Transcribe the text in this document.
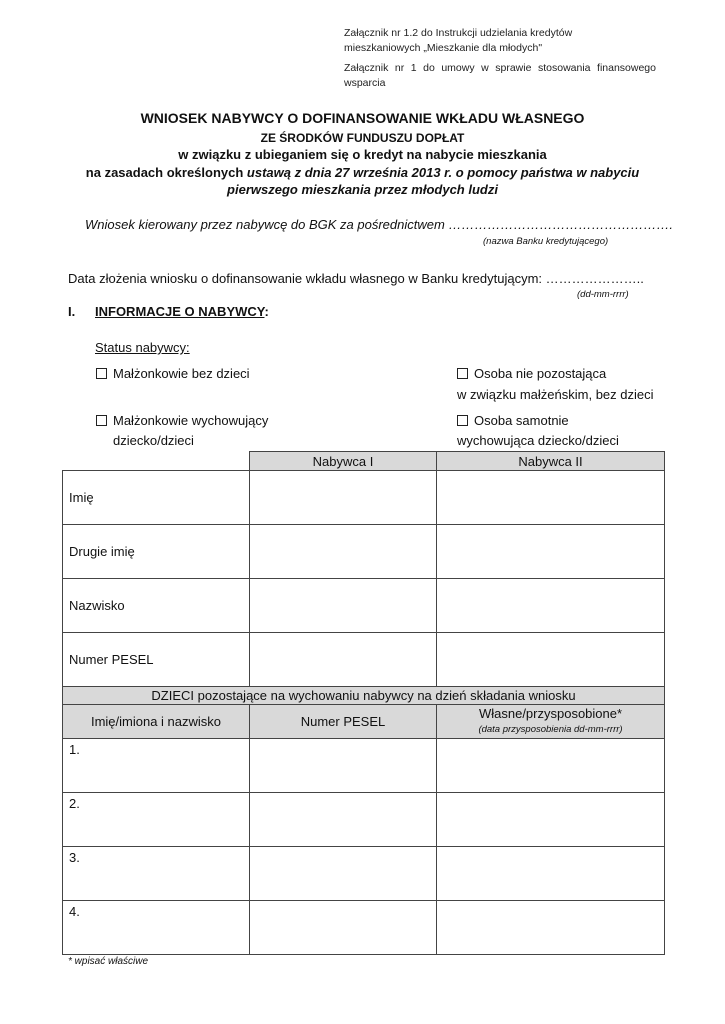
Załącznik nr 1.2 do Instrukcji udzielania kredytów
mieszkaniowych „Mieszkanie dla młodych"
Załącznik nr 1 do umowy w sprawie stosowania finansowego
wsparcia
WNIOSEK NABYWCY O DOFINANSOWANIE WKŁADU WŁASNEGO
ZE ŚRODKÓW FUNDUSZU DOPŁAT
w związku z ubieganiem się o kredyt na nabycie mieszkania
na zasadach określonych ustawą z dnia 27 września 2013 r. o pomocy państwa w nabyciu
pierwszego mieszkania przez młodych ludzi
Wniosek kierowany przez nabywcę do BGK za pośrednictwem …………………………………………….
(nazwa Banku kredytującego)
Data złożenia wniosku o dofinansowanie wkładu własnego w Banku kredytującym: …………………..
(dd-mm-rrrr)
I. INFORMACJE O NABYWCY:
Status nabywcy:
Małżonkowie bez dzieci	Osoba nie pozostająca
w związku małżeńskim, bez dzieci
Małżonkowie wychowujący
dziecko/dzieci
Osoba samotnie
wychowująca dziecko/dzieci
	Nabywca I	Nabywca II
Imię		
Drugie imię		
Nazwisko		
Numer PESEL		
DZIECI pozostające na wychowaniu nabywcy na dzień składania wniosku		
Imię/imiona i nazwisko	Numer PESEL	Własne/przysposobione*
(data przysposobienia dd-mm-rrrr)

1.		
2.		
3.		
4.		
* wpisać właściwe
